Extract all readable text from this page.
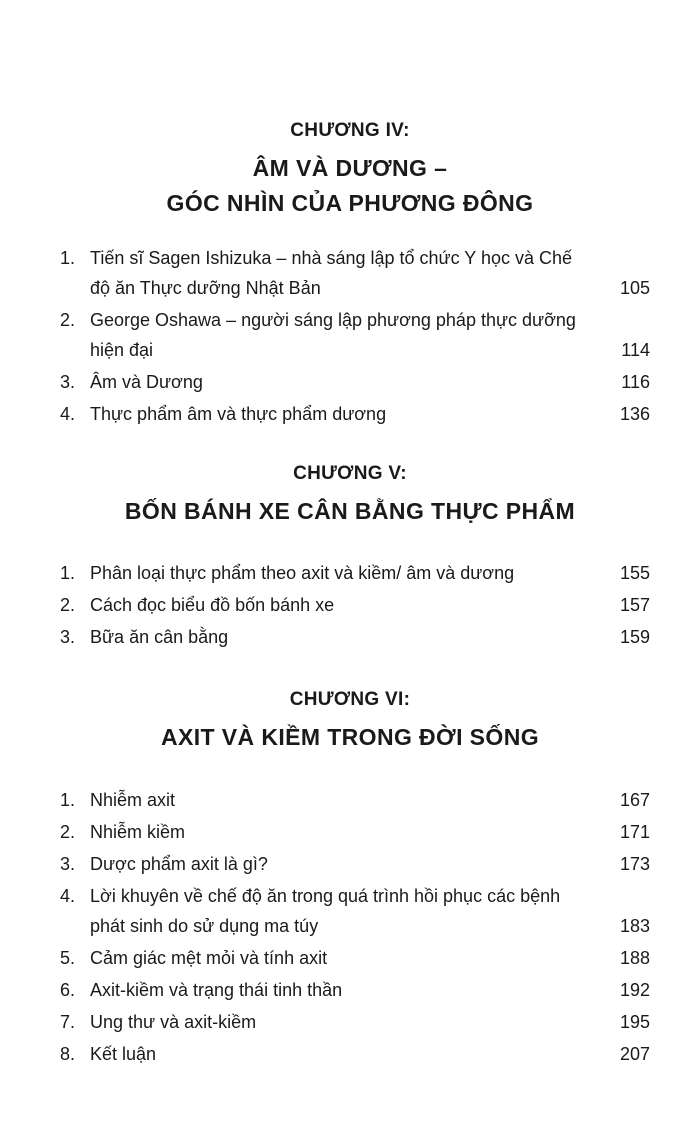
CHƯƠNG IV:
ÂM VÀ DƯƠNG –
GÓC NHÌN CỦA PHƯƠNG ĐÔNG
1. Tiến sĩ Sagen Ishizuka – nhà sáng lập tổ chức Y học và Chế độ ăn Thực dưỡng Nhật Bản	105
2. George Oshawa – người sáng lập phương pháp thực dưỡng hiện đại	114
3. Âm và Dương	116
4. Thực phẩm âm và thực phẩm dương	136
CHƯƠNG V:
BỐN BÁNH XE CÂN BẰNG THỰC PHẨM
1. Phân loại thực phẩm theo axit và kiềm/ âm và dương	155
2. Cách đọc biểu đồ bốn bánh xe	157
3. Bữa ăn cân bằng	159
CHƯƠNG VI:
AXIT VÀ KIỀM TRONG ĐỜI SỐNG
1. Nhiễm axit	167
2. Nhiễm kiềm	171
3. Dược phẩm axit là gì?	173
4. Lời khuyên về chế độ ăn trong quá trình hồi phục các bệnh phát sinh do sử dụng ma túy	183
5. Cảm giác mệt mỏi và tính axit	188
6. Axit-kiềm và trạng thái tinh thần	192
7. Ung thư và axit-kiềm	195
8. Kết luận	207
